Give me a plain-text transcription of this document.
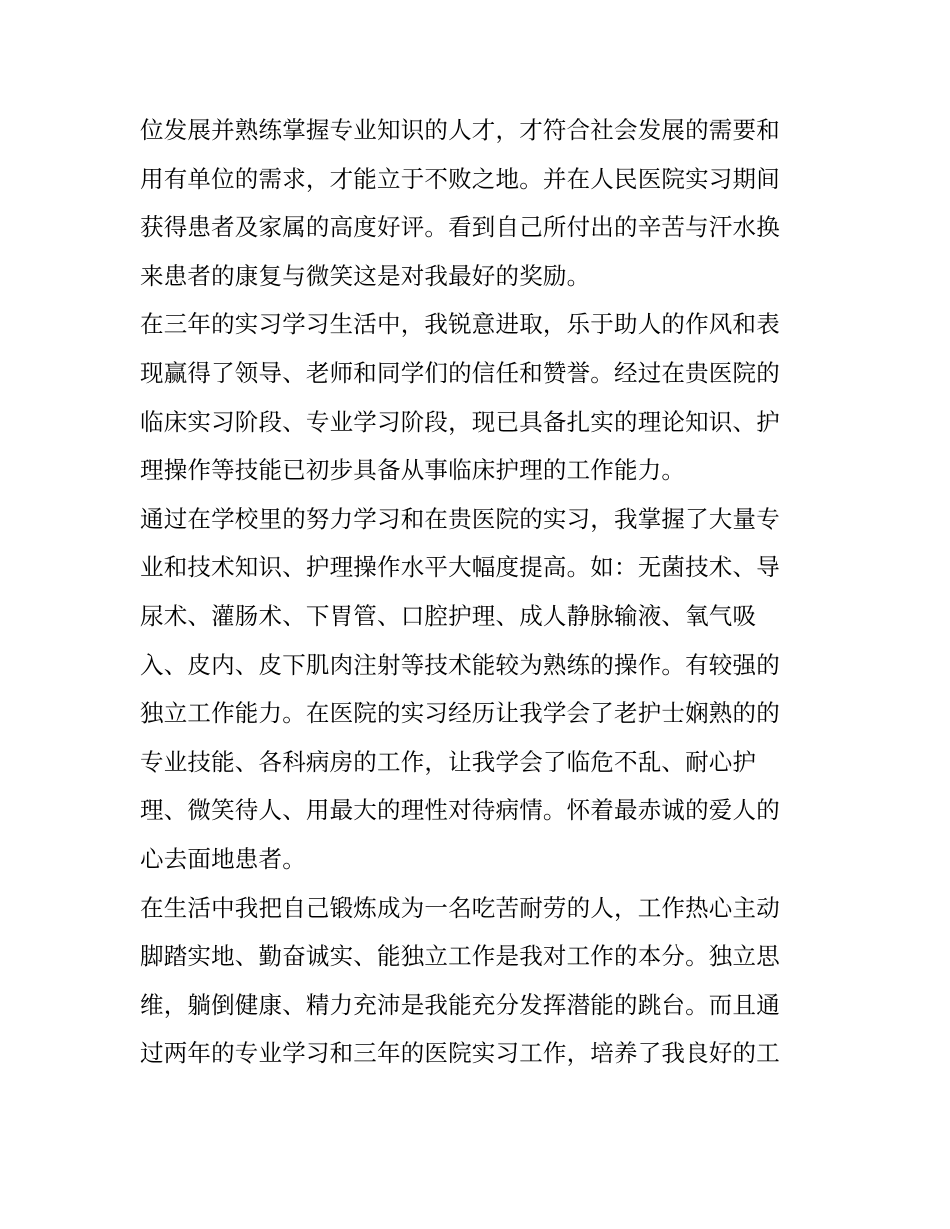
位发展并熟练掌握专业知识的人才，才符合社会发展的需要和
用有单位的需求，才能立于不败之地。并在人民医院实习期间
获得患者及家属的高度好评。看到自己所付出的辛苦与汗水换
来患者的康复与微笑这是对我最好的奖励。
在三年的实习学习生活中，我锐意进取，乐于助人的作风和表
现赢得了领导、老师和同学们的信任和赞誉。经过在贵医院的
临床实习阶段、专业学习阶段，现已具备扎实的理论知识、护
理操作等技能已初步具备从事临床护理的工作能力。
通过在学校里的努力学习和在贵医院的实习，我掌握了大量专
业和技术知识、护理操作水平大幅度提高。如：无菌技术、导
尿术、灌肠术、下胃管、口腔护理、成人静脉输液、氧气吸
入、皮内、皮下肌肉注射等技术能较为熟练的操作。有较强的
独立工作能力。在医院的实习经历让我学会了老护士娴熟的的
专业技能、各科病房的工作，让我学会了临危不乱、耐心护
理、微笑待人、用最大的理性对待病情。怀着最赤诚的爱人的
心去面地患者。
在生活中我把自己锻炼成为一名吃苦耐劳的人，工作热心主动
脚踏实地、勤奋诚实、能独立工作是我对工作的本分。独立思
维，躺倒健康、精力充沛是我能充分发挥潜能的跳台。而且通
过两年的专业学习和三年的医院实习工作，培养了我良好的工
